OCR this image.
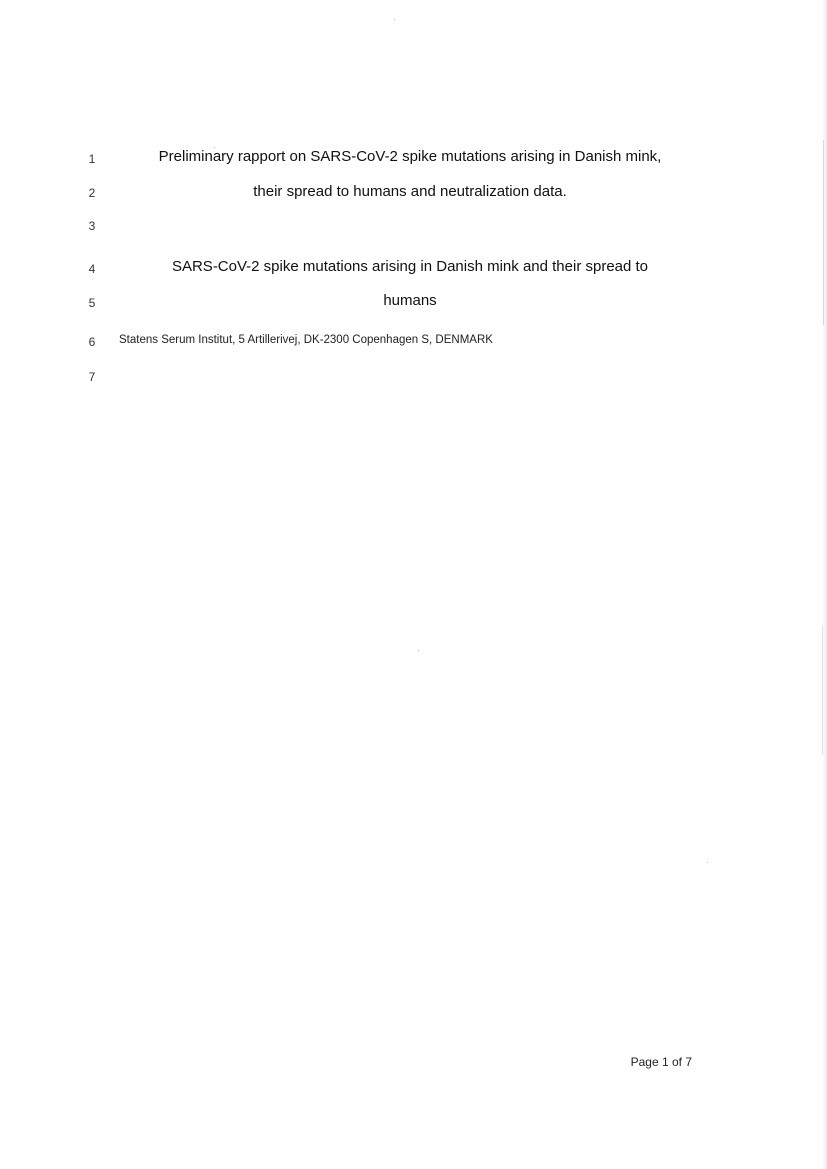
1
2
3
4
5
6
7
Preliminary rapport on SARS-CoV-2 spike mutations arising in Danish mink,
their spread to humans and neutralization data.
SARS-CoV-2 spike mutations arising in Danish mink and their spread to
humans
Statens Serum Institut, 5 Artillerivej, DK-2300 Copenhagen S, DENMARK
Page 1 of 7
